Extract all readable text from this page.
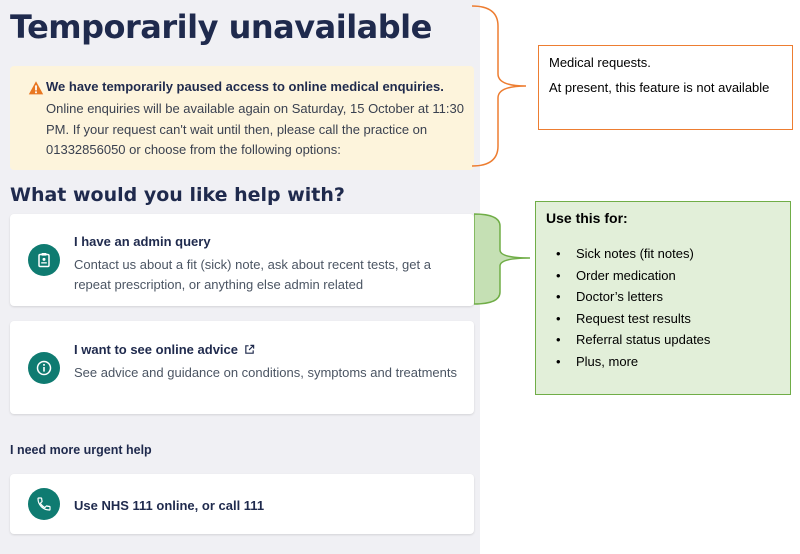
Temporarily unavailable
We have temporarily paused access to online medical enquiries.
Online enquiries will be available again on Saturday, 15 October at 11:30 PM. If your request can't wait until then, please call the practice on 01332856050 or choose from the following options:
What would you like help with?
I have an admin query
Contact us about a fit (sick) note, ask about recent tests, get a repeat prescription, or anything else admin related
I want to see online advice
See advice and guidance on conditions, symptoms and treatments
I need more urgent help
Use NHS 111 online, or call 111

Medical requests.

At present, this feature is not available

Use this for:
• Sick notes (fit notes)
• Order medication
• Doctor’s letters
• Request test results
• Referral status updates
• Plus, more
